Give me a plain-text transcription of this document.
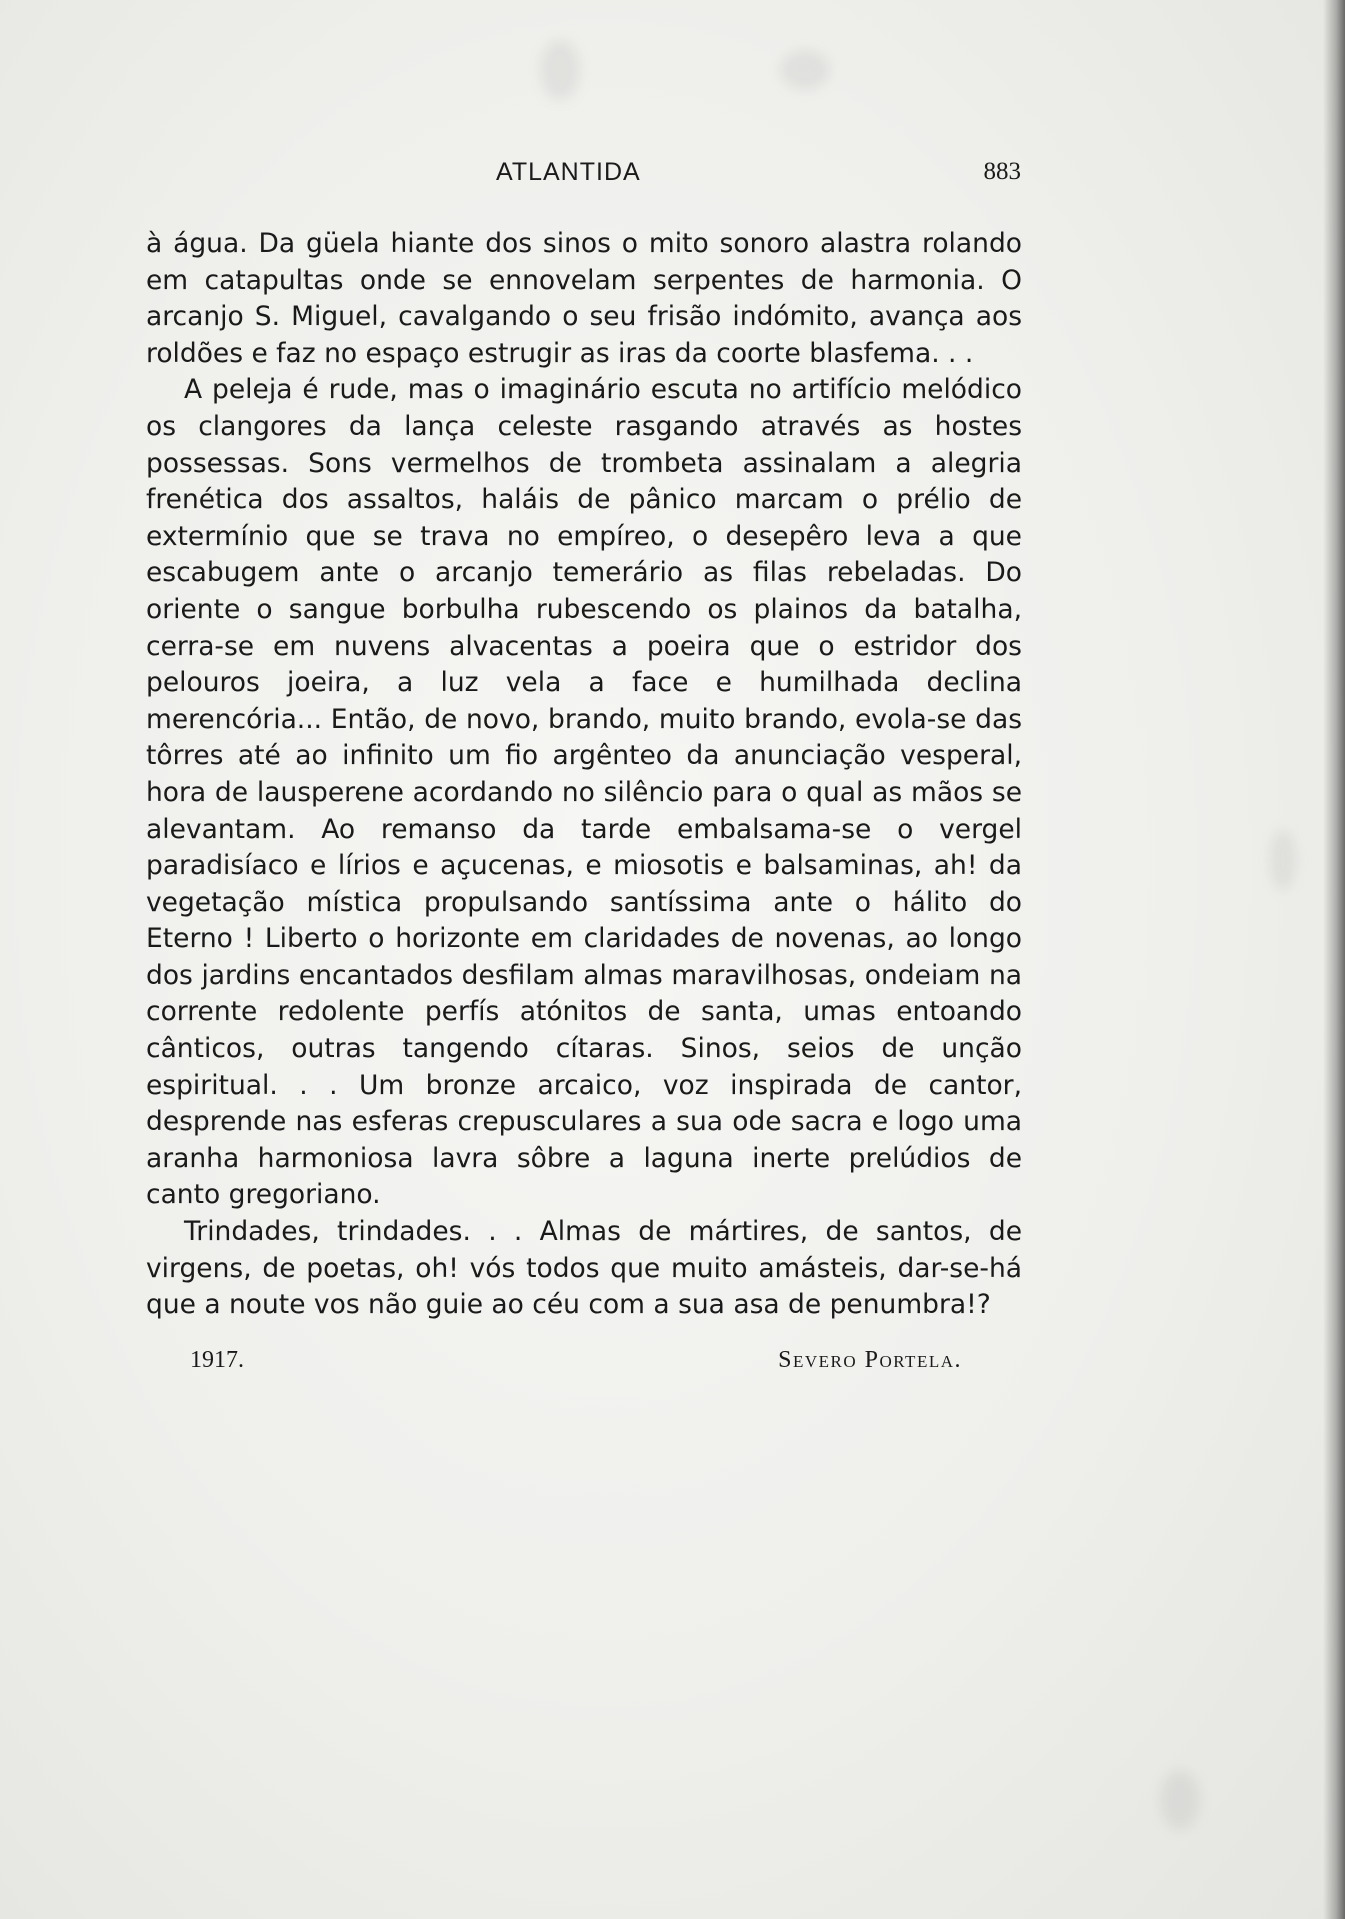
ATLANTIDA	883

à água. Da güela hiante dos sinos o mito sonoro alastra rolando em catapultas onde se ennovelam serpentes de harmonia. O arcanjo S. Miguel, cavalgando o seu frisão indómito, avança aos roldões e faz no espaço estrugir as iras da coorte blasfema. . .

A peleja é rude, mas o imaginário escuta no artifício melódico os clangores da lança celeste rasgando através as hostes possessas. Sons vermelhos de trombeta assinalam a alegria frenética dos assaltos, haláis de pânico marcam o prélio de extermínio que se trava no empíreo, o desepêro leva a que escabugem ante o arcanjo temerário as filas rebeladas. Do oriente o sangue borbulha rubescendo os plainos da batalha, cerra-se em nuvens alvacentas a poeira que o estridor dos pelouros joeira, a luz vela a face e humilhada declina merencória... Então, de novo, brando, muito brando, evola-se das tôrres até ao infinito um fio argênteo da anunciação vesperal, hora de lausperene acordando no silêncio para o qual as mãos se alevantam. Ao remanso da tarde embalsama-se o vergel paradisíaco e lírios e açucenas, e miosotis e balsaminas, ah! da vegetação mística propulsando santíssima ante o hálito do Eterno ! Liberto o horizonte em claridades de novenas, ao longo dos jardins encantados desfilam almas maravilhosas, ondeiam na corrente redolente perfís atónitos de santa, umas entoando cânticos, outras tangendo cítaras. Sinos, seios de unção espiritual. . . Um bronze arcaico, voz inspirada de cantor, desprende nas esferas crepusculares a sua ode sacra e logo uma aranha harmoniosa lavra sôbre a laguna inerte prelúdios de canto gregoriano.

Trindades, trindades. . . Almas de mártires, de santos, de virgens, de poetas, oh! vós todos que muito amásteis, dar-se-há que a noute vos não guie ao céu com a sua asa de penumbra!?

1917.	Severo Portela.
